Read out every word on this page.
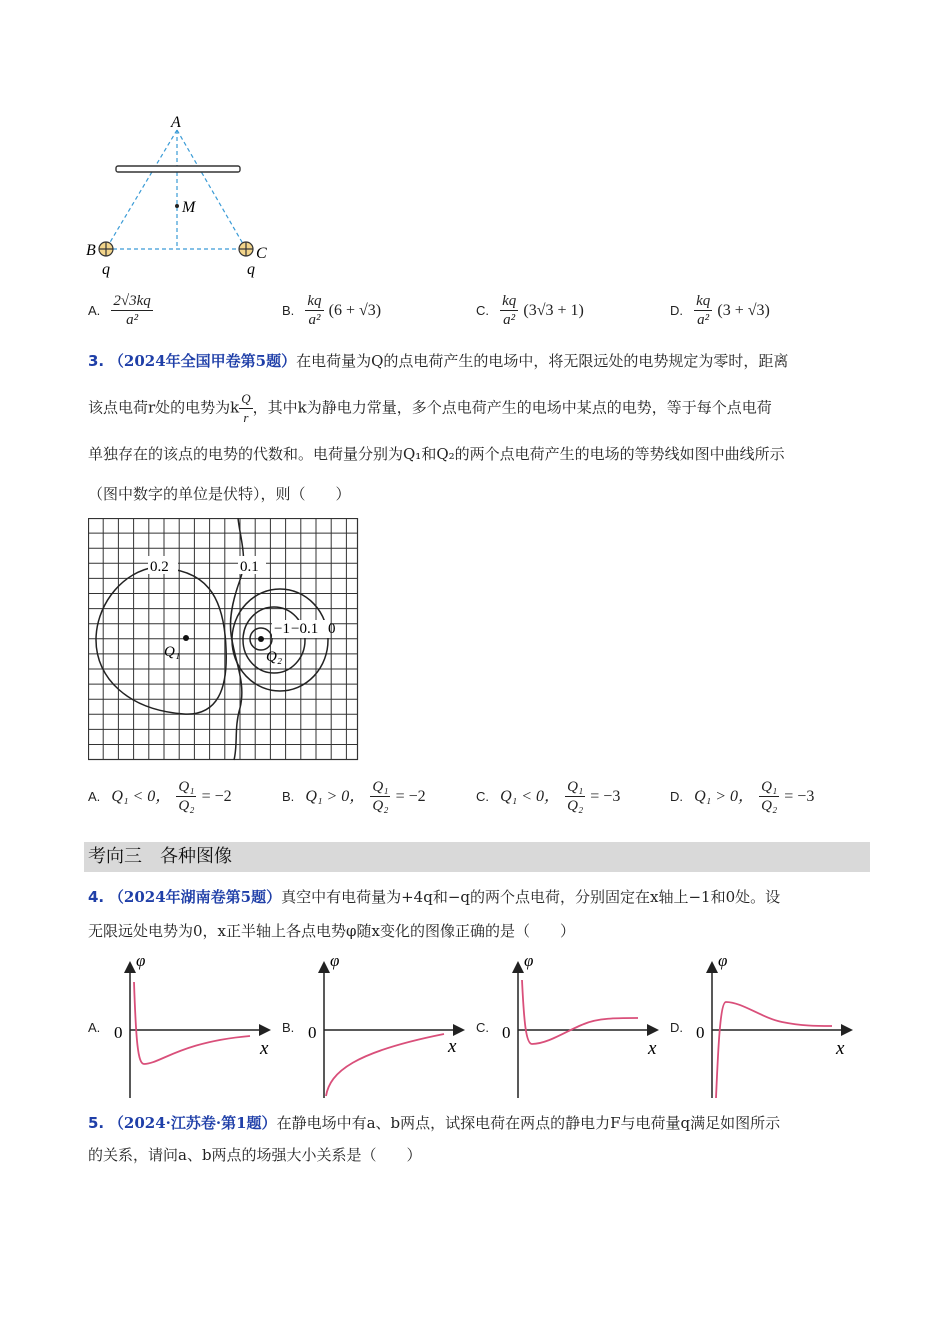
A
M
B	C
q	q
A. $\frac{2√3kq}{\text{a²}}$	B. $\frac{kq}{\text{a²}} (6 + √3)$	C. $\frac{kq}{\text{a²}} (3√3 + 1)$	D. $\frac{kq}{\text{a²}} (3 + √3)$
3. （2024年全国甲卷第5题）在电荷量为Q的点电荷产生的电场中，将无限远处的电势规定为零时，距离
该点电荷r处的电势为k $\frac{Q}{r}$ ，其中k为静电力常量，多个点电荷产生的电场中某点的电势，等于每个点电荷
单独存在的该点的电势的代数和。电荷量分别为Q₁和Q₂的两个点电荷产生的电场的等势线如图中曲线所示
（图中数字的单位是伏特），则（　　）
0.2	0.1
−1 −0.1 0
Q₁	Q₂
A. Q₁ < 0， $\frac{\text{Q₁}}{\text{Q₂}} = -2$	B. Q₁ > 0， $\frac{\text{Q₁}}{\text{Q₂}} = -2$	C. Q₁ < 0， $\frac{\text{Q₁}}{\text{Q₂}} = -3$	D. Q₁ > 0， $\frac{\text{Q₁}}{\text{Q₂}} = -3$
考向三　各种图像
4. （2024年湖南卷第5题）真空中有电荷量为+4q和−q的两个点电荷，分别固定在x轴上−1和0处。设
无限远处电势为0，x正半轴上各点电势φ随x变化的图像正确的是（　　）
A.
φ
0
x
B.
φ
0
x
C.
φ
0
x
D.
φ
0
x
5. （2024·江苏卷·第1题）在静电场中有a、b两点，试探电荷在两点的静电力F与电荷量q满足如图所示
的关系，请问a、b两点的场强大小关系是（　　）
